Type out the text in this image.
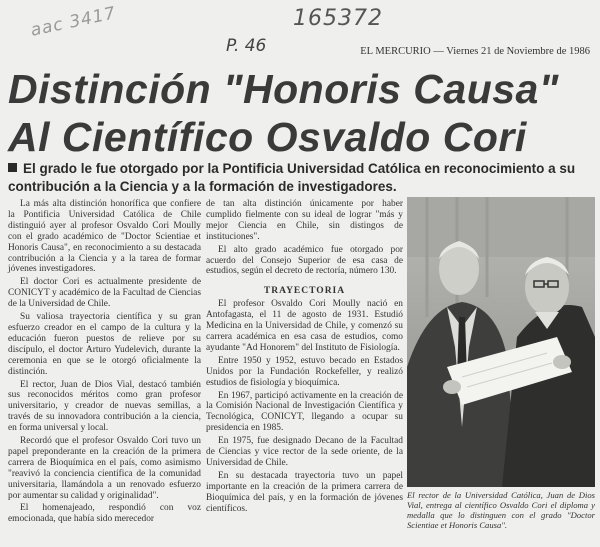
aac 3417	165372
P. 46	EL MERCURIO — Viernes 21 de Noviembre de 1986
Distinción "Honoris Causa"
Al Científico Osvaldo Cori
El grado le fue otorgado por la Pontificia Universidad Católica en reconocimiento a su contribución a la Ciencia y a la formación de investigadores.

La más alta distinción honorífica que confiere la Pontificia Universidad Católica de Chile distinguió ayer al profesor Osvaldo Cori Moully con el grado académico de "Doctor Scientiae et Honoris Causa", en reconocimiento a su destacada contribución a la Ciencia y a la tarea de formar jóvenes investigadores.

El doctor Cori es actualmente presidente de CONICYT y académico de la Facultad de Ciencias de la Universidad de Chile.

Su valiosa trayectoria científica y su gran esfuerzo creador en el campo de la cultura y la educación fueron puestos de relieve por su discípulo, el doctor Arturo Yudelevich, durante la ceremonia en que se le otorgó oficialmente la distinción.

El rector, Juan de Dios Vial, destacó también sus reconocidos méritos como gran profesor universitario, y creador de nuevas semillas, a través de su innovadora contribución a la ciencia, en forma universal y local.

Recordó que el profesor Osvaldo Cori tuvo un papel preponderante en la creación de la primera carrera de Bioquímica en el país, como asimismo "reavivó la conciencia científica de la comunidad universitaria, llamándola a un renovado esfuerzo por aumentar su calidad y originalidad".

El homenajeado, respondió con voz emocionada, que había sido merecedor

de tan alta distinción únicamente por haber cumplido fielmente con su ideal de lograr "más y mejor Ciencia en Chile, sin distingos de instituciones".

El alto grado académico fue otorgado por acuerdo del Consejo Superior de esa casa de estudios, según el decreto de rectoría, número 130.

TRAYECTORIA

El profesor Osvaldo Cori Moully nació en Antofagasta, el 11 de agosto de 1931. Estudió Medicina en la Universidad de Chile, y comenzó su carrera académica en esa casa de estudios, como ayudante "Ad Honorem" del Instituto de Fisiología.

Entre 1950 y 1952, estuvo becado en Estados Unidos por la Fundación Rockefeller, y realizó estudios de fisiología y bioquímica.

En 1967, participó activamente en la creación de la Comisión Nacional de Investigación Científica y Tecnológica, CONICYT, llegando a ocupar su presidencia en 1985.

En 1975, fue designado Decano de la Facultad de Ciencias y vice rector de la sede oriente, de la Universidad de Chile.

En su destacada trayectoria tuvo un papel importante en la creación de la primera carrera de Bioquímica del país, y en la formación de jóvenes científicos.

El rector de la Universidad Católica, Juan de Dios Vial, entrega al científico Osvaldo Cori el diploma y medalla que lo distinguen con el grado "Doctor Scientiae et Honoris Causa".
